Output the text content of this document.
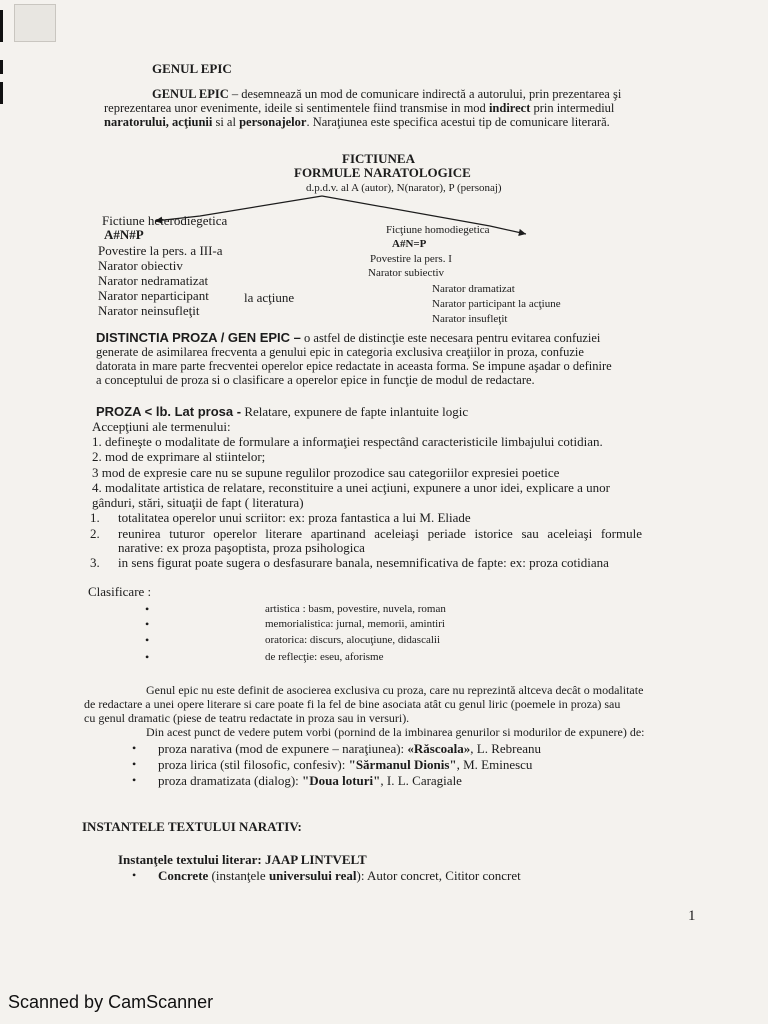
GENUL EPIC
GENUL EPIC – desemnează un mod de comunicare indirectă a autorului, prin prezentarea şi
reprezentarea unor evenimente, ideile si sentimentele fiind transmise in mod indirect prin intermediul
naratorului, acţiunii si al personajelor. Naraţiunea este specifica acestui tip de comunicare literară.
FICTIUNEA
FORMULE NARATOLOGICE
d.p.d.v. al A (autor), N(narator), P (personaj)
Fictiune heterodiegetica
A#N#P
Povestire la pers. a III-a
Narator obiectiv
Narator nedramatizat
Narator neparticipant
Narator neinsufleţit
la acţiune
Ficţiune homodiegetica
A#N=P
Povestire la pers. I
Narator subiectiv
Narator dramatizat
Narator participant la acţiune
Narator insufleţit
DISTINCTIA PROZA / GEN EPIC – o astfel de distincţie este necesara pentru evitarea confuziei
generate de asimilarea frecventa a genului epic in categoria exclusiva creaţiilor in proza, confuzie
datorata in mare parte frecventei operelor epice redactate in aceasta forma. Se impune aşadar o definire
a conceptului de proza si o clasificare a operelor epice in funcţie de modul de redactare.
PROZA < lb. Lat prosa - Relatare, expunere de fapte inlantuite logic
Accepţiuni ale termenului:
1. defineşte o modalitate de formulare a informaţiei respectând caracteristicile limbajului cotidian.
2. mod de exprimare al stiintelor;
3 mod de expresie care nu se supune regulilor prozodice sau categoriilor expresiei poetice
4. modalitate artistica de relatare, reconstituire a unei acţiuni, expunere a unor idei, explicare a unor
gânduri, stări, situaţii de fapt ( literatura)
1. totalitatea operelor unui scriitor: ex: proza fantastica a lui M. Eliade
2. reunirea tuturor operelor literare apartinand aceleiaşi periade istorice sau aceleiaşi formule
narative: ex proza paşoptista, proza psihologica
3. in sens figurat poate sugera o desfasurare banala, nesemnificativa de fapte: ex: proza cotidiana
Clasificare :
•	artistica : basm, povestire, nuvela, roman
•	memorialistica: jurnal, memorii, amintiri
•	oratorica: discurs, alocuţiune, didascalii
•	de reflecţie: eseu, aforisme
Genul epic nu este definit de asocierea exclusiva cu proza, care nu reprezintă altceva decât o modalitate
de redactare a unei opere literare si care poate fi la fel de bine asociata atât cu genul liric (poemele in proza) sau
cu genul dramatic (piese de teatru redactate in proza sau in versuri).
Din acest punct de vedere putem vorbi (pornind de la imbinarea genurilor si modurilor de expunere) de:
• proza narativa (mod de expunere – naraţiunea): «Răscoala», L. Rebreanu
• proza lirica (stil filosofic, confesiv): "Sărmanul Dionis", M. Eminescu
• proza dramatizata (dialog): "Doua loturi", I. L. Caragiale
INSTANTELE TEXTULUI NARATIV:
Instanţele textului literar: JAAP LINTVELT
• Concrete (instanţele universului real): Autor concret, Cititor concret
1
Scanned by CamScanner
